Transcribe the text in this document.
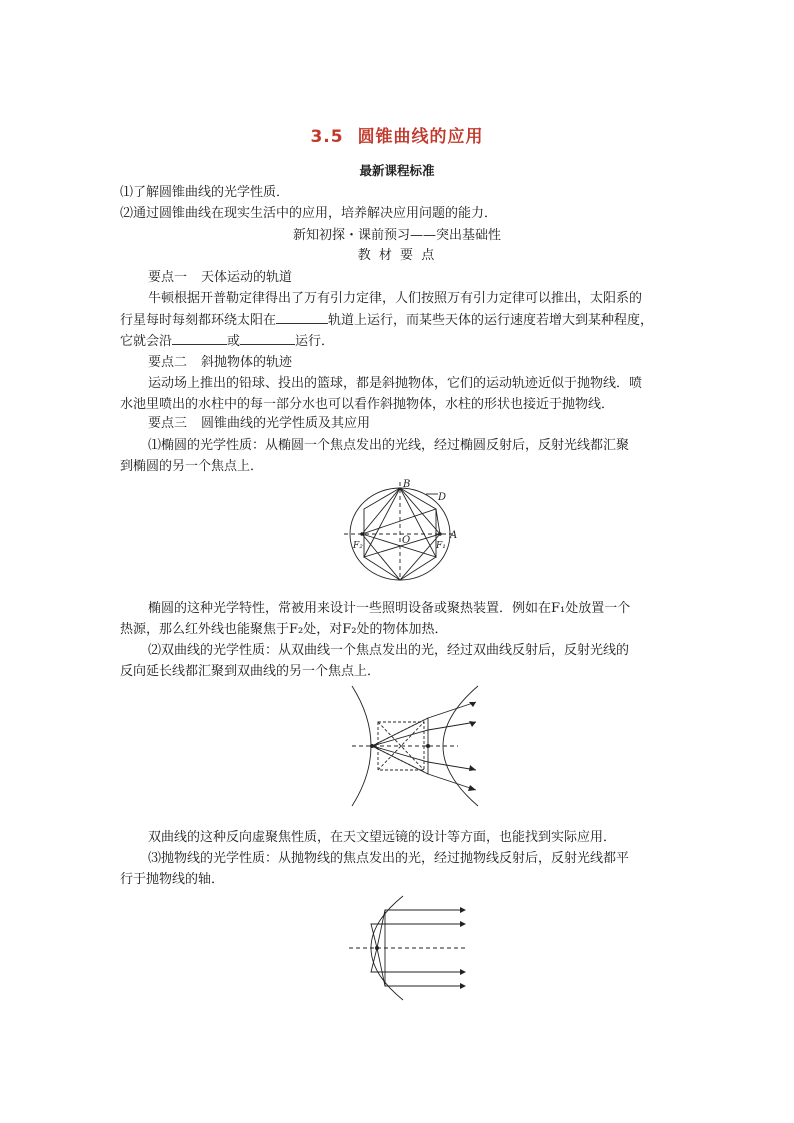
3.5 圆锥曲线的应用
最新课程标准
⑴了解圆锥曲线的光学性质．
⑵通过圆锥曲线在现实生活中的应用，培养解决应用问题的能力．
新知初探・课前预习——突出基础性
教 材 要 点
要点一 天体运动的轨道
牛顿根据开普勒定律得出了万有引力定律，人们按照万有引力定律可以推出，太阳系的
行星每时每刻都环绕太阳在	轨道上运行，而某些天体的运行速度若增大到某种程度，
它就会沿	或	运行．
要点二 斜抛物体的轨迹
运动场上推出的铅球、投出的篮球，都是斜抛物体，它们的运动轨迹近似于抛物线．喷
水池里喷出的水柱中的每一部分水也可以看作斜抛物体，水柱的形状也接近于抛物线．
要点三 圆锥曲线的光学性质及其应用
⑴椭圆的光学性质：从椭圆一个焦点发出的光线，经过椭圆反射后，反射光线都汇聚
到椭圆的另一个焦点上．
B
D
A
O	F₁
F₂
椭圆的这种光学特性，常被用来设计一些照明设备或聚热装置．例如在F₁处放置一个
热源，那么红外线也能聚焦于F₂处，对F₂处的物体加热．
⑵双曲线的光学性质：从双曲线一个焦点发出的光，经过双曲线反射后，反射光线的
反向延长线都汇聚到双曲线的另一个焦点上．
双曲线的这种反向虚聚焦性质，在天文望远镜的设计等方面，也能找到实际应用．
⑶抛物线的光学性质：从抛物线的焦点发出的光，经过抛物线反射后，反射光线都平
行于抛物线的轴．
